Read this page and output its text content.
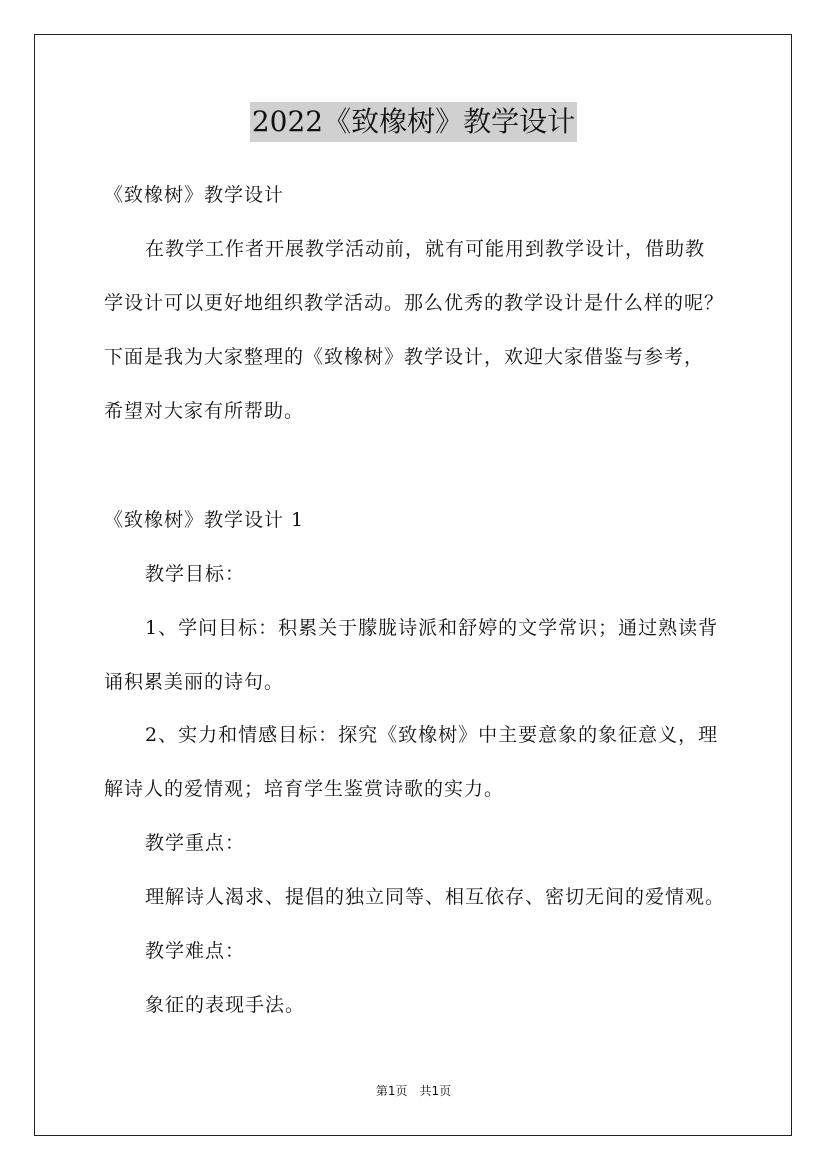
2022《致橡树》教学设计
《致橡树》教学设计
在教学工作者开展教学活动前，就有可能用到教学设计，借助教
学设计可以更好地组织教学活动。那么优秀的教学设计是什么样的呢？
下面是我为大家整理的《致橡树》教学设计，欢迎大家借鉴与参考，
希望对大家有所帮助。
《致橡树》教学设计 1
教学目标：
1、学问目标：积累关于朦胧诗派和舒婷的文学常识；通过熟读背
诵积累美丽的诗句。
2、实力和情感目标：探究《致橡树》中主要意象的象征意义，理
解诗人的爱情观；培育学生鉴赏诗歌的实力。
教学重点：
理解诗人渴求、提倡的独立同等、相互依存、密切无间的爱情观。
教学难点：
象征的表现手法。
第1页　共1页
